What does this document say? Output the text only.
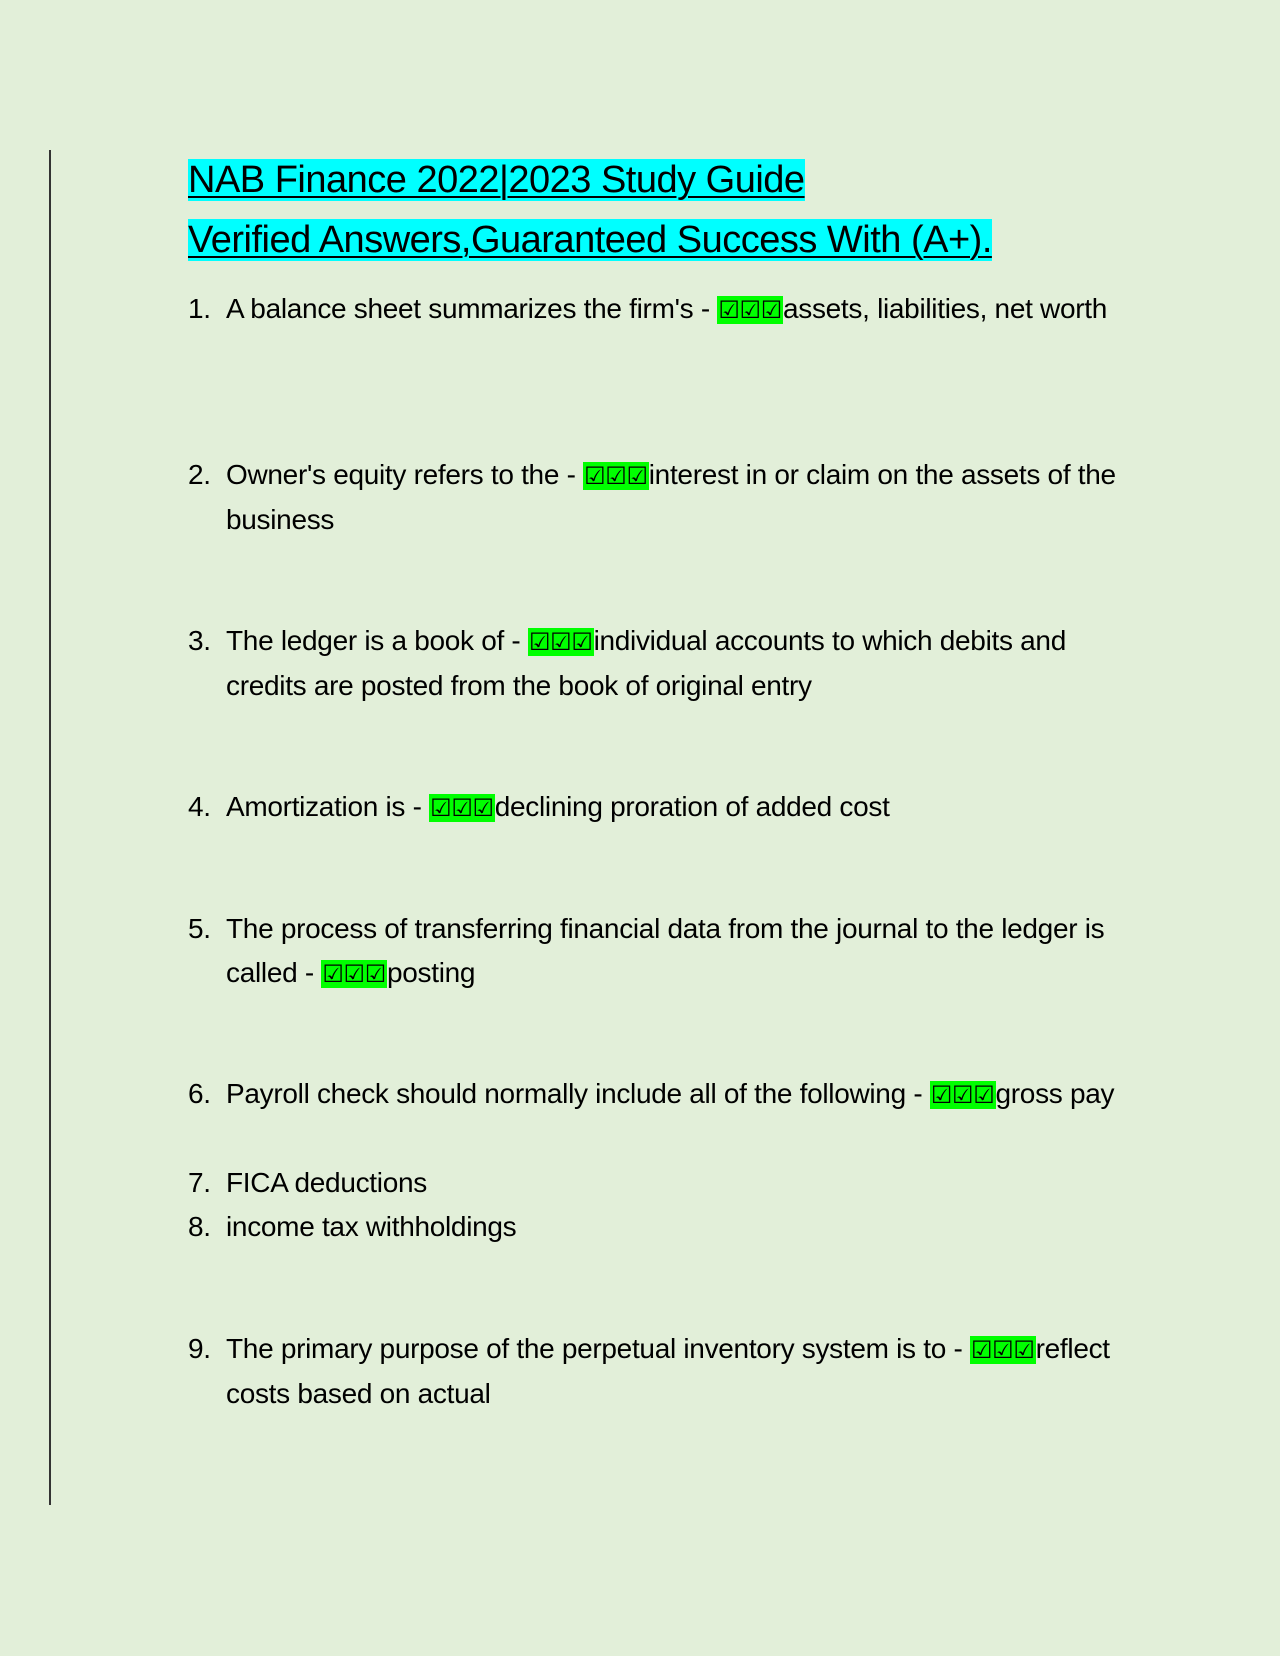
NAB Finance 2022|2023 Study Guide
Verified Answers,Guaranteed Success With (A+).
1. A balance sheet summarizes the firm's - ☑☑☑assets, liabilities, net worth
2. Owner's equity refers to the - ☑☑☑interest in or claim on the assets of the business
3. The ledger is a book of - ☑☑☑individual accounts to which debits and credits are posted from the book of original entry
4. Amortization is - ☑☑☑declining proration of added cost
5. The process of transferring financial data from the journal to the ledger is called - ☑☑☑posting
6. Payroll check should normally include all of the following - ☑☑☑gross pay
7. FICA deductions
8. income tax withholdings
9. The primary purpose of the perpetual inventory system is to - ☑☑☑reflect costs based on actual
